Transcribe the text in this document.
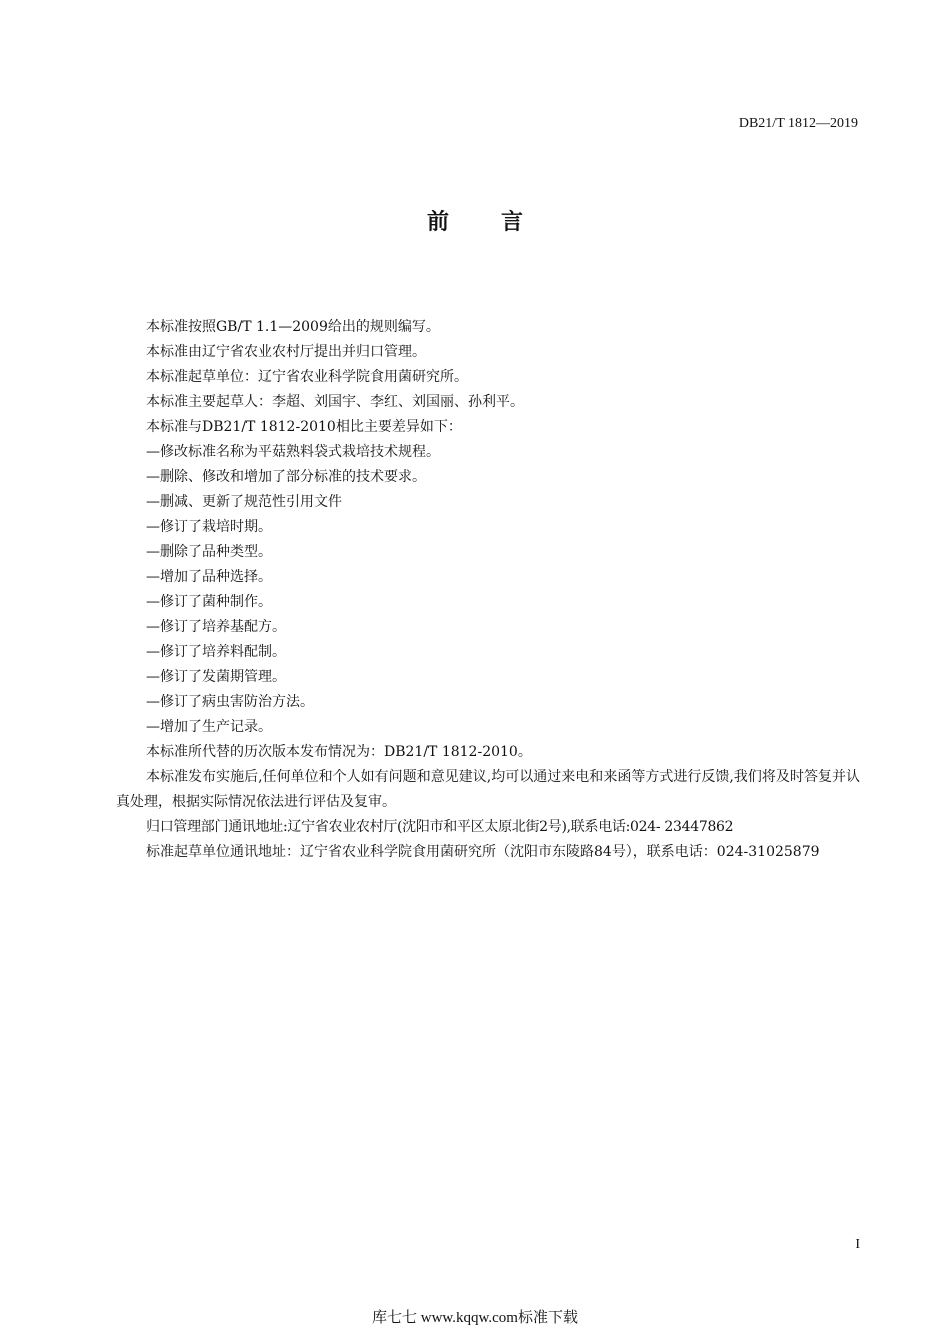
DB21/T 1812—2019
前言

本标准按照GB/T 1.1—2009给出的规则编写。

本标准由辽宁省农业农村厅提出并归口管理。

本标准起草单位：辽宁省农业科学院食用菌研究所。

本标准主要起草人：李超、刘国宇、李红、刘国丽、孙利平。

本标准与DB21/T 1812-2010相比主要差异如下：

—修改标准名称为平菇熟料袋式栽培技术规程。

—删除、修改和增加了部分标准的技术要求。

—删减、更新了规范性引用文件

—修订了栽培时期。

—删除了品种类型。

—增加了品种选择。

—修订了菌种制作。

—修订了培养基配方。

—修订了培养料配制。

—修订了发菌期管理。

—修订了病虫害防治方法。

—增加了生产记录。

本标准所代替的历次版本发布情况为：DB21/T 1812-2010。

本标准发布实施后,任何单位和个人如有问题和意见建议,均可以通过来电和来函等方式进行反馈,我们将及时答复并认真处理，根据实际情况依法进行评估及复审。

归口管理部门通讯地址:辽宁省农业农村厅(沈阳市和平区太原北街2号),联系电话:024- 23447862

标准起草单位通讯地址：辽宁省农业科学院食用菌研究所（沈阳市东陵路84号），联系电话：024-31025879

I
库七七 www.kqqw.com标准下载
